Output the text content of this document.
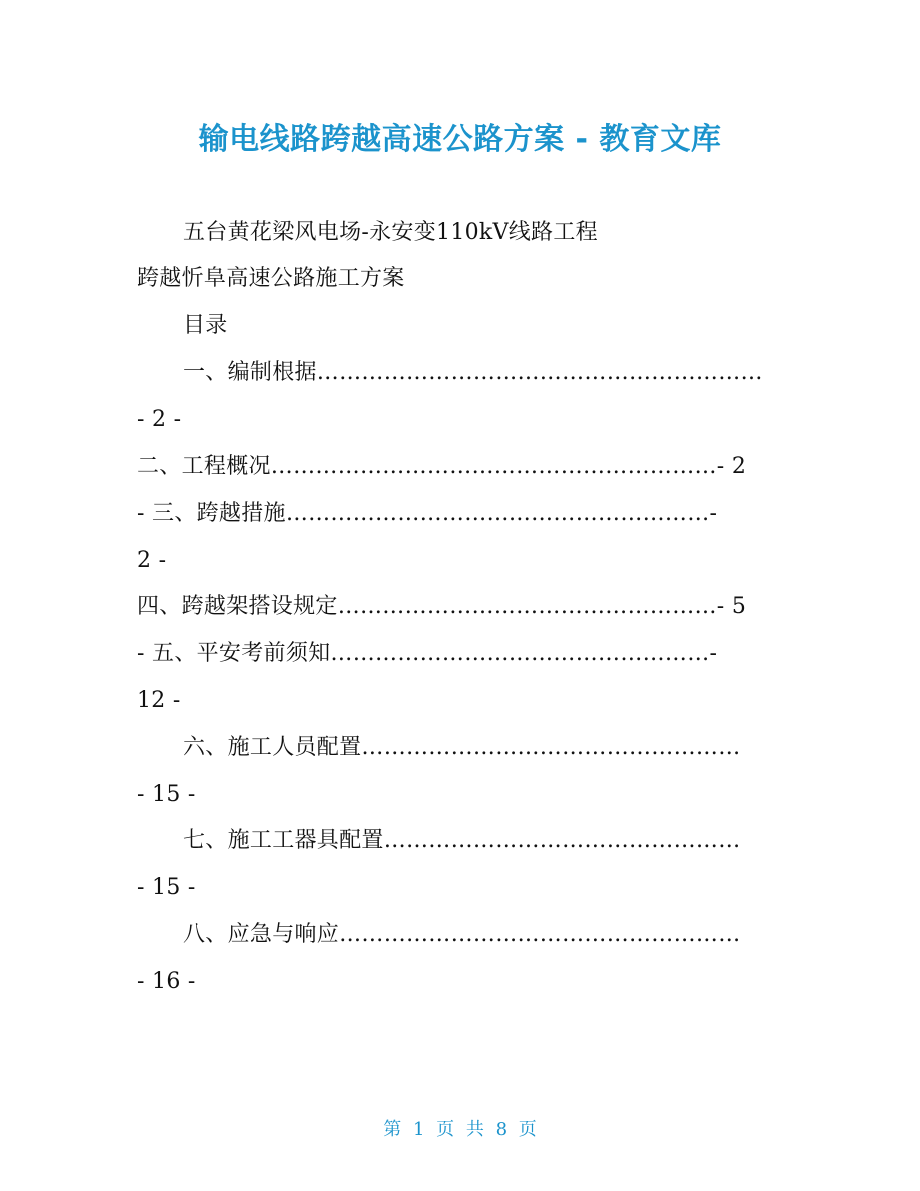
输电线路跨越高速公路方案 - 教育文库
五台黄花梁风电场-永安变110kV线路工程
跨越忻阜高速公路施工方案
目录
一、编制根据……………………………………………………
- 2 -
二、工程概况……………………………………………………- 2
- 三、跨越措施…………………………………………………-
2 -
四、跨越架搭设规定……………………………………………- 5
- 五、平安考前须知……………………………………………-
12 -
六、施工人员配置……………………………………………
- 15 -
七、施工工器具配置…………………………………………
- 15 -
八、应急与响应………………………………………………
- 16 -
第 1 页 共 8 页
